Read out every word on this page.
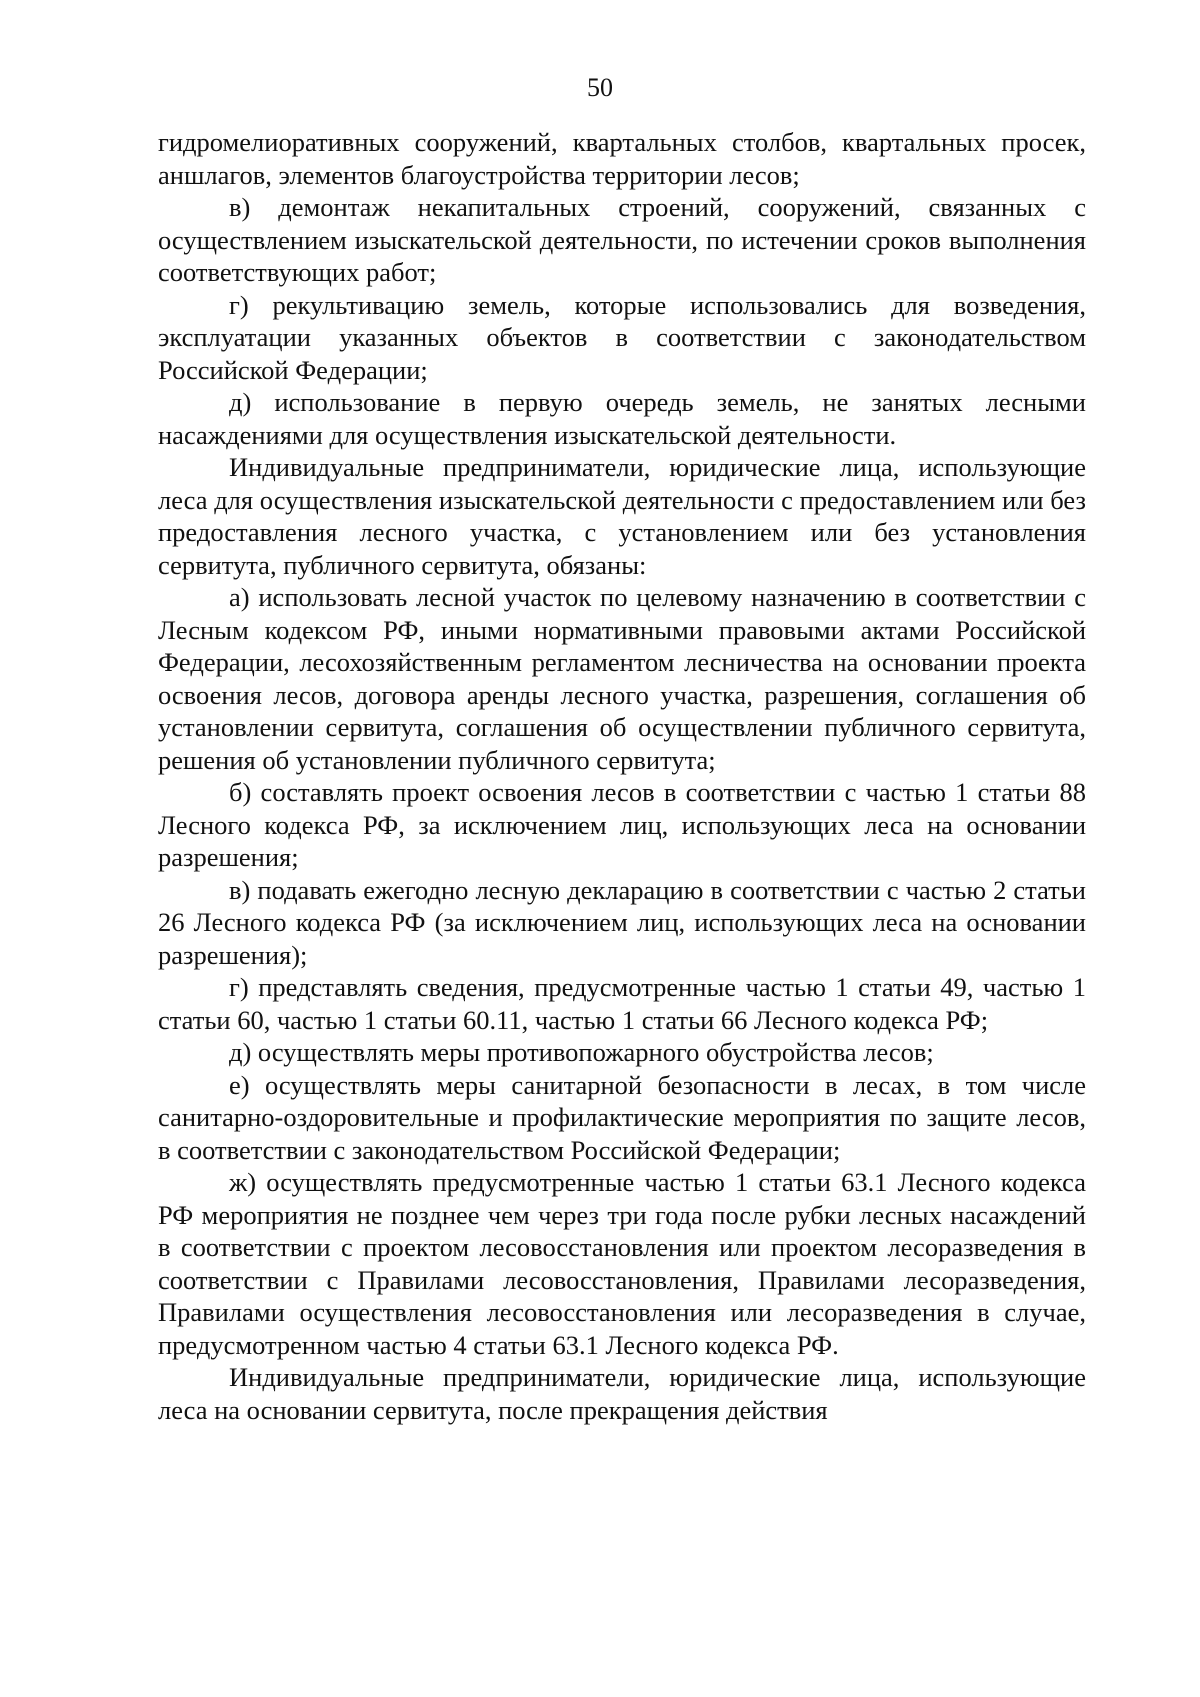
50

гидромелиоративных сооружений, квартальных столбов, квартальных просек, аншлагов, элементов благоустройства территории лесов;

в) демонтаж некапитальных строений, сооружений, связанных с осуществлением изыскательской деятельности, по истечении сроков выполнения соответствующих работ;

г) рекультивацию земель, которые использовались для возведения, эксплуатации указанных объектов в соответствии с законодательством Российской Федерации;

д) использование в первую очередь земель, не занятых лесными насаждениями для осуществления изыскательской деятельности.

Индивидуальные предприниматели, юридические лица, использующие леса для осуществления изыскательской деятельности с предоставлением или без предоставления лесного участка, с установлением или без установления сервитута, публичного сервитута, обязаны:

а) использовать лесной участок по целевому назначению в соответствии с Лесным кодексом РФ, иными нормативными правовыми актами Российской Федерации, лесохозяйственным регламентом лесничества на основании проекта освоения лесов, договора аренды лесного участка, разрешения, соглашения об установлении сервитута, соглашения об осуществлении публичного сервитута, решения об установлении публичного сервитута;

б) составлять проект освоения лесов в соответствии с частью 1 статьи 88 Лесного кодекса РФ, за исключением лиц, использующих леса на основании разрешения;

в) подавать ежегодно лесную декларацию в соответствии с частью 2 статьи 26 Лесного кодекса РФ (за исключением лиц, использующих леса на основании разрешения);

г) представлять сведения, предусмотренные частью 1 статьи 49, частью 1 статьи 60, частью 1 статьи 60.11, частью 1 статьи 66 Лесного кодекса РФ;

д) осуществлять меры противопожарного обустройства лесов;

е) осуществлять меры санитарной безопасности в лесах, в том числе санитарно-оздоровительные и профилактические мероприятия по защите лесов, в соответствии с законодательством Российской Федерации;

ж) осуществлять предусмотренные частью 1 статьи 63.1 Лесного кодекса РФ мероприятия не позднее чем через три года после рубки лесных насаждений в соответствии с проектом лесовосстановления или проектом лесоразведения в соответствии с Правилами лесовосстановления, Правилами лесоразведения, Правилами осуществления лесовосстановления или лесоразведения в случае, предусмотренном частью 4 статьи 63.1 Лесного кодекса РФ.

Индивидуальные предприниматели, юридические лица, использующие леса на основании сервитута, после прекращения действия
